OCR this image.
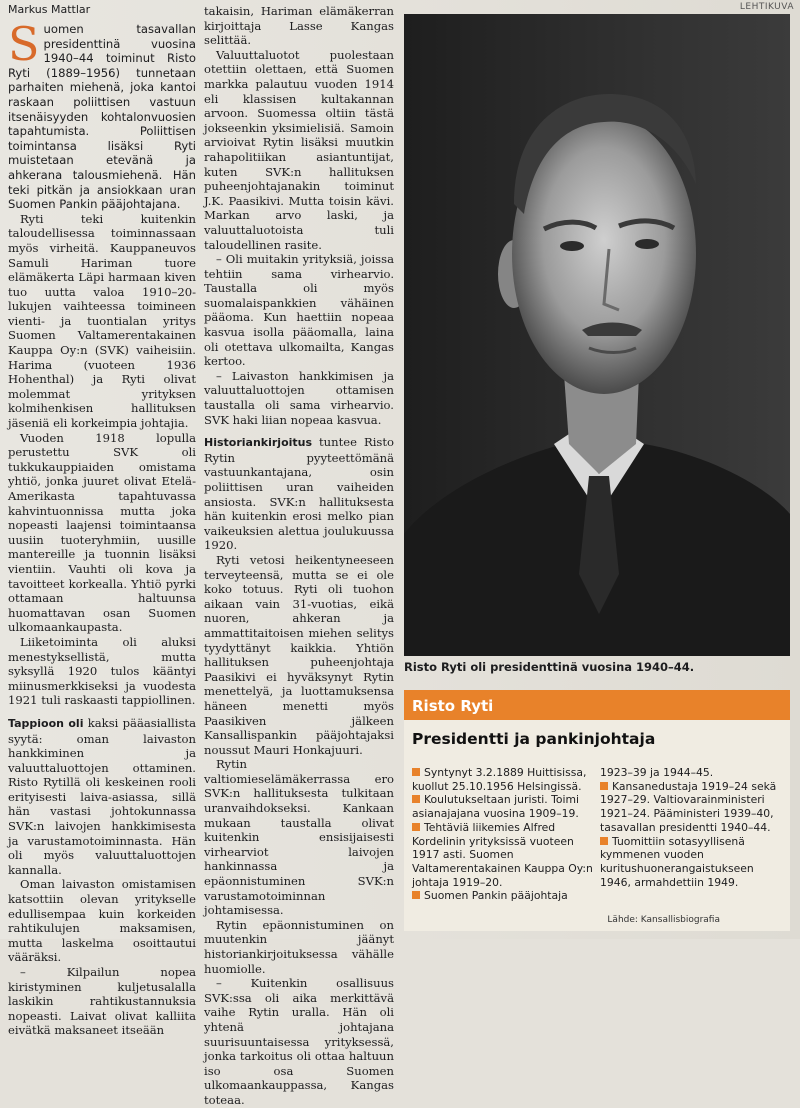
LEHTIKUVA
Markus Mattlar

Suomen tasavallan presidenttinä vuosina 1940–44 toiminut Risto Ryti (1889–1956) tunnetaan parhaiten miehenä, joka kantoi raskaan poliittisen vastuun itsenäisyyden kohtalonvuosien tapahtumista. Poliittisen toimintansa lisäksi Ryti muistetaan etevänä ja ahkerana talousmiehenä. Hän teki pitkän ja ansiokkaan uran Suomen Pankin pääjohtajana.

Ryti teki kuitenkin taloudellisessa toiminnassaan myös virheitä. Kauppaneuvos Samuli Hariman tuore elämäkerta Läpi harmaan kiven tuo uutta valoa 1910–20-lukujen vaihteessa toimineen vienti- ja tuontialan yritys Suomen Valtamerentakainen Kauppa Oy:n (SVK) vaiheisiin. Harima (vuoteen 1936 Hohenthal) ja Ryti olivat molemmat yrityksen kolmihenkisen hallituksen jäseniä eli korkeimpia johtajia.

Vuoden 1918 lopulla perustettu SVK oli tukkukauppiaiden omistama yhtiö, jonka juuret olivat Etelä-Amerikasta tapahtuvassa kahvintuonnissa mutta joka nopeasti laajensi toimintaansa uusiin tuoteryhmiin, uusille mantereille ja tuonnin lisäksi vientiin. Vauhti oli kova ja tavoitteet korkealla. Yhtiö pyrki ottamaan haltuunsa huomattavan osan Suomen ulkomaankaupasta.

Liiketoiminta oli aluksi menestyksellistä, mutta syksyllä 1920 tulos kääntyi miinusmerkkiseksi ja vuodesta 1921 tuli raskaasti tappiollinen.

Tappioon oli kaksi pääasiallista syytä: oman laivaston hankkiminen ja valuuttaluottojen ottaminen. Risto Rytillä oli keskeinen rooli erityisesti laiva-asiassa, sillä hän vastasi johtokunnassa SVK:n laivojen hankkimisesta ja varustamotoiminnasta. Hän oli myös valuuttaluottojen kannalla.

Oman laivaston omistamisen katsottiin olevan yritykselle edullisempaa kuin korkeiden rahtikulujen maksamisen, mutta laskelma osoittautui vääräksi.

– Kilpailun nopea kiristyminen kuljetusalalla laskikin rahtikustannuksia nopeasti. Laivat olivat kalliita eivätkä maksaneet itseään

takaisin, Hariman elämäkerran kirjoittaja Lasse Kangas selittää.

Valuuttaluotot puolestaan otettiin olettaen, että Suomen markka palautuu vuoden 1914 eli klassisen kultakannan arvoon. Suomessa oltiin tästä jokseenkin yksimielisiä. Samoin arvioivat Rytin lisäksi muutkin rahapolitiikan asiantuntijat, kuten SVK:n hallituksen puheenjohtajanakin toiminut J.K. Paasikivi. Mutta toisin kävi. Markan arvo laski, ja valuuttaluotoista tuli taloudellinen rasite.

– Oli muitakin yrityksiä, joissa tehtiin sama virhearvio. Taustalla oli myös suomalaispankkien vähäinen pääoma. Kun haettiin nopeaa kasvua isolla pääomalla, laina oli otettava ulkomailta, Kangas kertoo.

– Laivaston hankkimisen ja valuuttaluottojen ottamisen taustalla oli sama virhearvio. SVK haki liian nopeaa kasvua.

Historiankirjoitus tuntee Risto Rytin pyyteettömänä vastuunkantajana, osin poliittisen uran vaiheiden ansiosta. SVK:n hallituksesta hän kuitenkin erosi melko pian vaikeuksien alettua joulukuussa 1920.

Ryti vetosi heikentyneeseen terveyteensä, mutta se ei ole koko totuus. Ryti oli tuohon aikaan vain 31-vuotias, eikä nuoren, ahkeran ja ammattitaitoisen miehen selitys tyydyttänyt kaikkia. Yhtiön hallituksen puheenjohtaja Paasikivi ei hyväksynyt Rytin menettelyä, ja luottamuksensa häneen menetti myös Paasikiven jälkeen Kansallispankin pääjohtajaksi noussut Mauri Honkajuuri.

Rytin valtiomieselämäkerrassa ero SVK:n hallituksesta tulkitaan uranvaihdokseksi. Kankaan mukaan taustalla olivat kuitenkin ensisijaisesti virhearviot laivojen hankinnassa ja epäonnistuminen SVK:n varustamotoiminnan johtamisessa.

Rytin epäonnistuminen on muutenkin jäänyt historiankirjoituksessa vähälle huomiolle.

– Kuitenkin osallisuus SVK:ssa oli aika merkittävä vaihe Rytin uralla. Hän oli yhtenä johtajana suurisuuntaisessa yrityksessä, jonka tarkoitus oli ottaa haltuun iso osa Suomen ulkomaankauppassa, Kangas toteaa.

Risto Ryti oli presidenttinä vuosina 1940–44.
Risto Ryti
Presidentti ja pankinjohtaja

Syntynyt 3.2.1889 Huittisissa, kuollut 25.10.1956 Helsingissä.

Koulutukseltaan juristi. Toimi asianajajana vuosina 1909–19.

Tehtäviä liikemies Alfred Kordelinin yrityksissä vuoteen 1917 asti. Suomen Valtamerentakainen Kauppa Oy:n johtaja 1919–20.

Suomen Pankin pääjohtaja

1923–39 ja 1944–45.

Kansanedustaja 1919–24 sekä 1927–29. Valtiovarainministeri 1921–24. Pääministeri 1939–40, tasavallan presidentti 1940–44.

Tuomittiin sotasyyllisenä kymmenen vuoden kuritushuonerangaistukseen 1946, armahdettiin 1949.

Lähde: Kansallisbiografia
